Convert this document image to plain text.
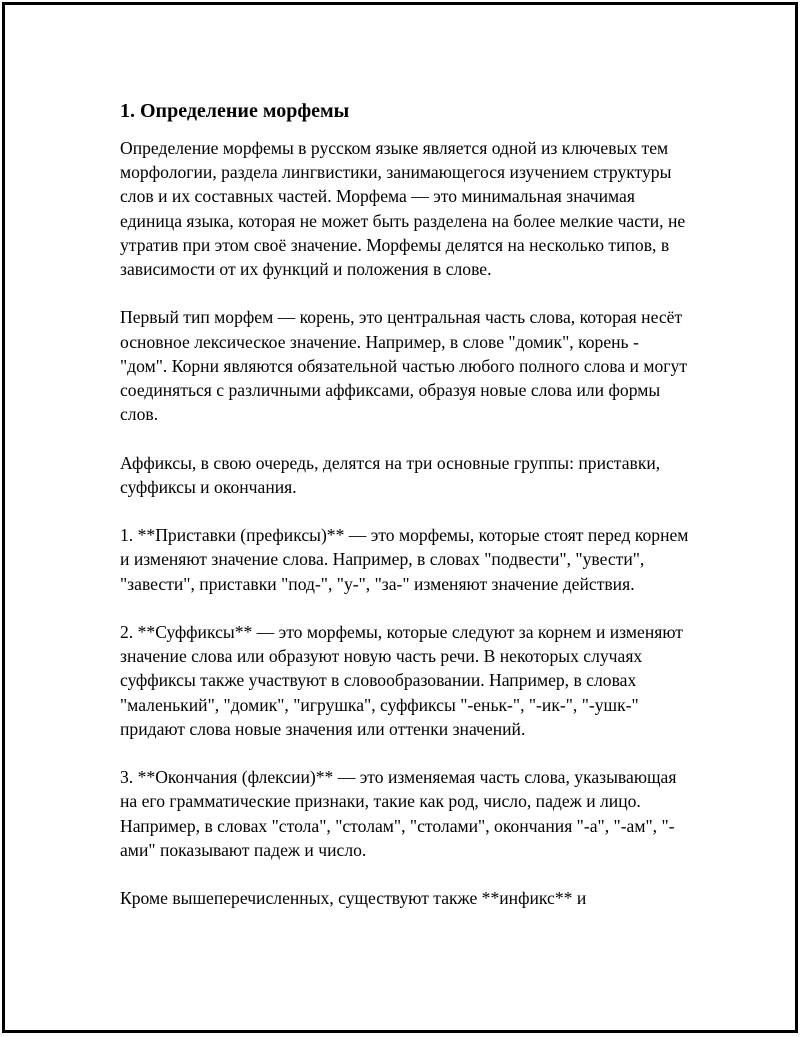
1. Определение морфемы

Определение морфемы в русском языке является одной из ключевых тем морфологии, раздела лингвистики, занимающегося изучением структуры слов и их составных частей. Морфема — это минимальная значимая единица языка, которая не может быть разделена на более мелкие части, не утратив при этом своё значение. Морфемы делятся на несколько типов, в зависимости от их функций и положения в слове.

Первый тип морфем — корень, это центральная часть слова, которая несёт основное лексическое значение. Например, в слове "домик", корень - "дом". Корни являются обязательной частью любого полного слова и могут соединяться с различными аффиксами, образуя новые слова или формы слов.

Аффиксы, в свою очередь, делятся на три основные группы: приставки, суффиксы и окончания.

1. **Приставки (префиксы)** — это морфемы, которые стоят перед корнем и изменяют значение слова. Например, в словах "подвести", "увести", "завести", приставки "под-", "у-", "за-" изменяют значение действия.

2. **Суффиксы** — это морфемы, которые следуют за корнем и изменяют значение слова или образуют новую часть речи. В некоторых случаях суффиксы также участвуют в словообразовании. Например, в словах "маленький", "домик", "игрушка", суффиксы "-еньк-", "-ик-", "-ушк-" придают слова новые значения или оттенки значений.

3. **Окончания (флексии)** — это изменяемая часть слова, указывающая на его грамматические признаки, такие как род, число, падеж и лицо. Например, в словах "стола", "столам", "столами", окончания "-а", "-ам", "-ами" показывают падеж и число.

Кроме вышеперечисленных, существуют также **инфикс** и
